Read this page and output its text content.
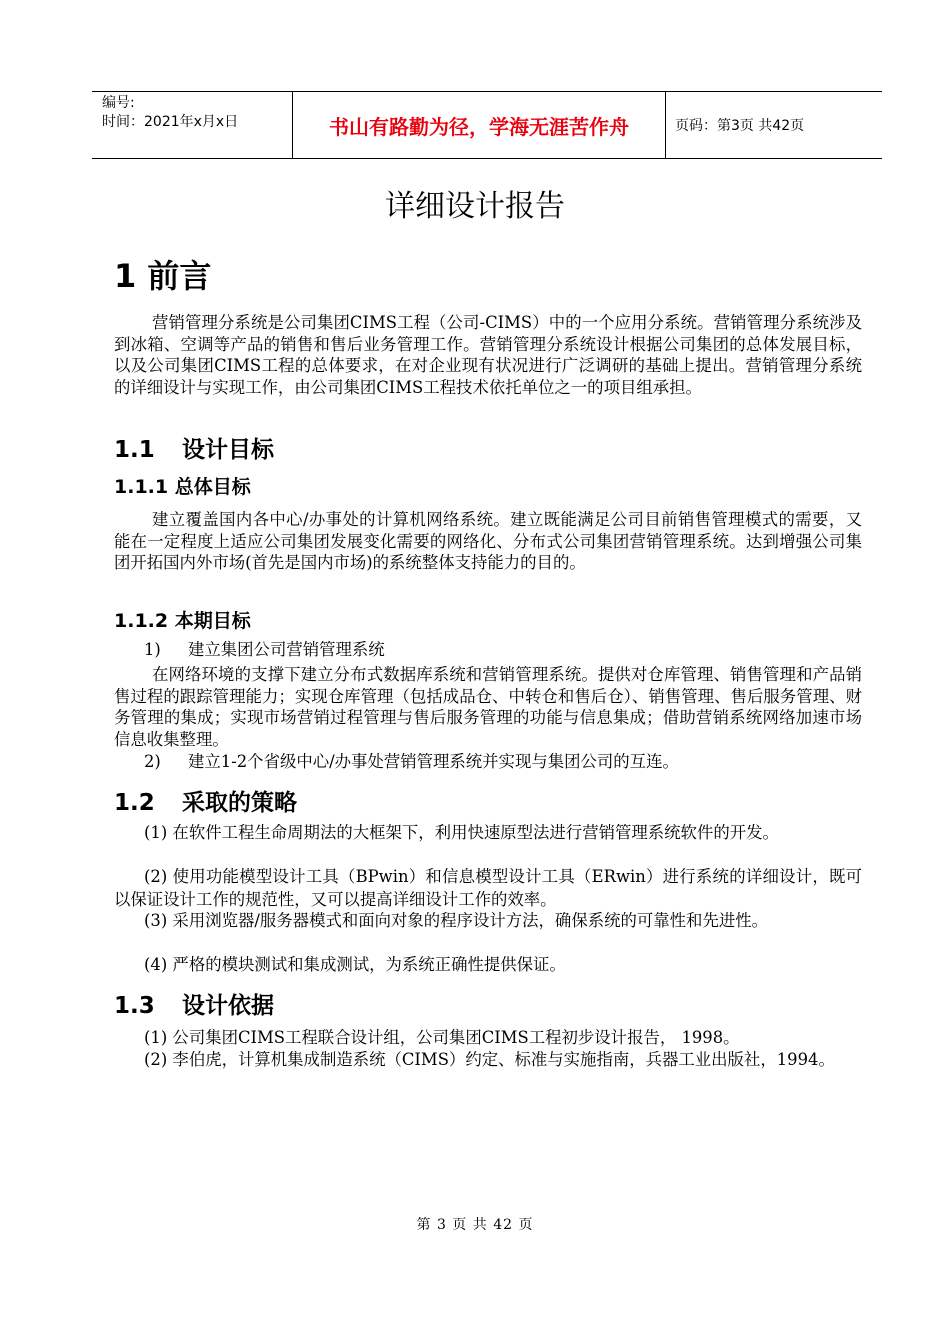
编号:
时间：2021年x月x日	书山有路勤为径，学海无涯苦作舟	页码：第3页 共42页
详细设计报告
1 前言

营销管理分系统是公司集团CIMS工程（公司-CIMS）中的一个应用分系统。营销管理分系统涉及到冰箱、空调等产品的销售和售后业务管理工作。营销管理分系统设计根据公司集团的总体发展目标，以及公司集团CIMS工程的总体要求，在对企业现有状况进行广泛调研的基础上提出。营销管理分系统的详细设计与实现工作，由公司集团CIMS工程技术依托单位之一的项目组承担。

1.1 设计目标
1.1.1 总体目标

建立覆盖国内各中心/办事处的计算机网络系统。建立既能满足公司目前销售管理模式的需要，又能在一定程度上适应公司集团发展变化需要的网络化、分布式公司集团营销管理系统。达到增强公司集团开拓国内外市场(首先是国内市场)的系统整体支持能力的目的。

1.1.2 本期目标

1) 建立集团公司营销管理系统

在网络环境的支撑下建立分布式数据库系统和营销管理系统。提供对仓库管理、销售管理和产品销售过程的跟踪管理能力；实现仓库管理（包括成品仓、中转仓和售后仓）、销售管理、售后服务管理、财务管理的集成；实现市场营销过程管理与售后服务管理的功能与信息集成；借助营销系统网络加速市场信息收集整理。

2) 建立1-2个省级中心/办事处营销管理系统并实现与集团公司的互连。

1.2 采取的策略

(1) 在软件工程生命周期法的大框架下，利用快速原型法进行营销管理系统软件的开发。

(2) 使用功能模型设计工具（BPwin）和信息模型设计工具（ERwin）进行系统的详细设计，既可以保证设计工作的规范性，又可以提高详细设计工作的效率。

(3) 采用浏览器/服务器模式和面向对象的程序设计方法，确保系统的可靠性和先进性。

(4) 严格的模块测试和集成测试，为系统正确性提供保证。

1.3 设计依据

(1) 公司集团CIMS工程联合设计组，公司集团CIMS工程初步设计报告， 1998。

(2) 李伯虎，计算机集成制造系统（CIMS）约定、标准与实施指南，兵器工业出版社，1994。

第 3 页 共 42 页
